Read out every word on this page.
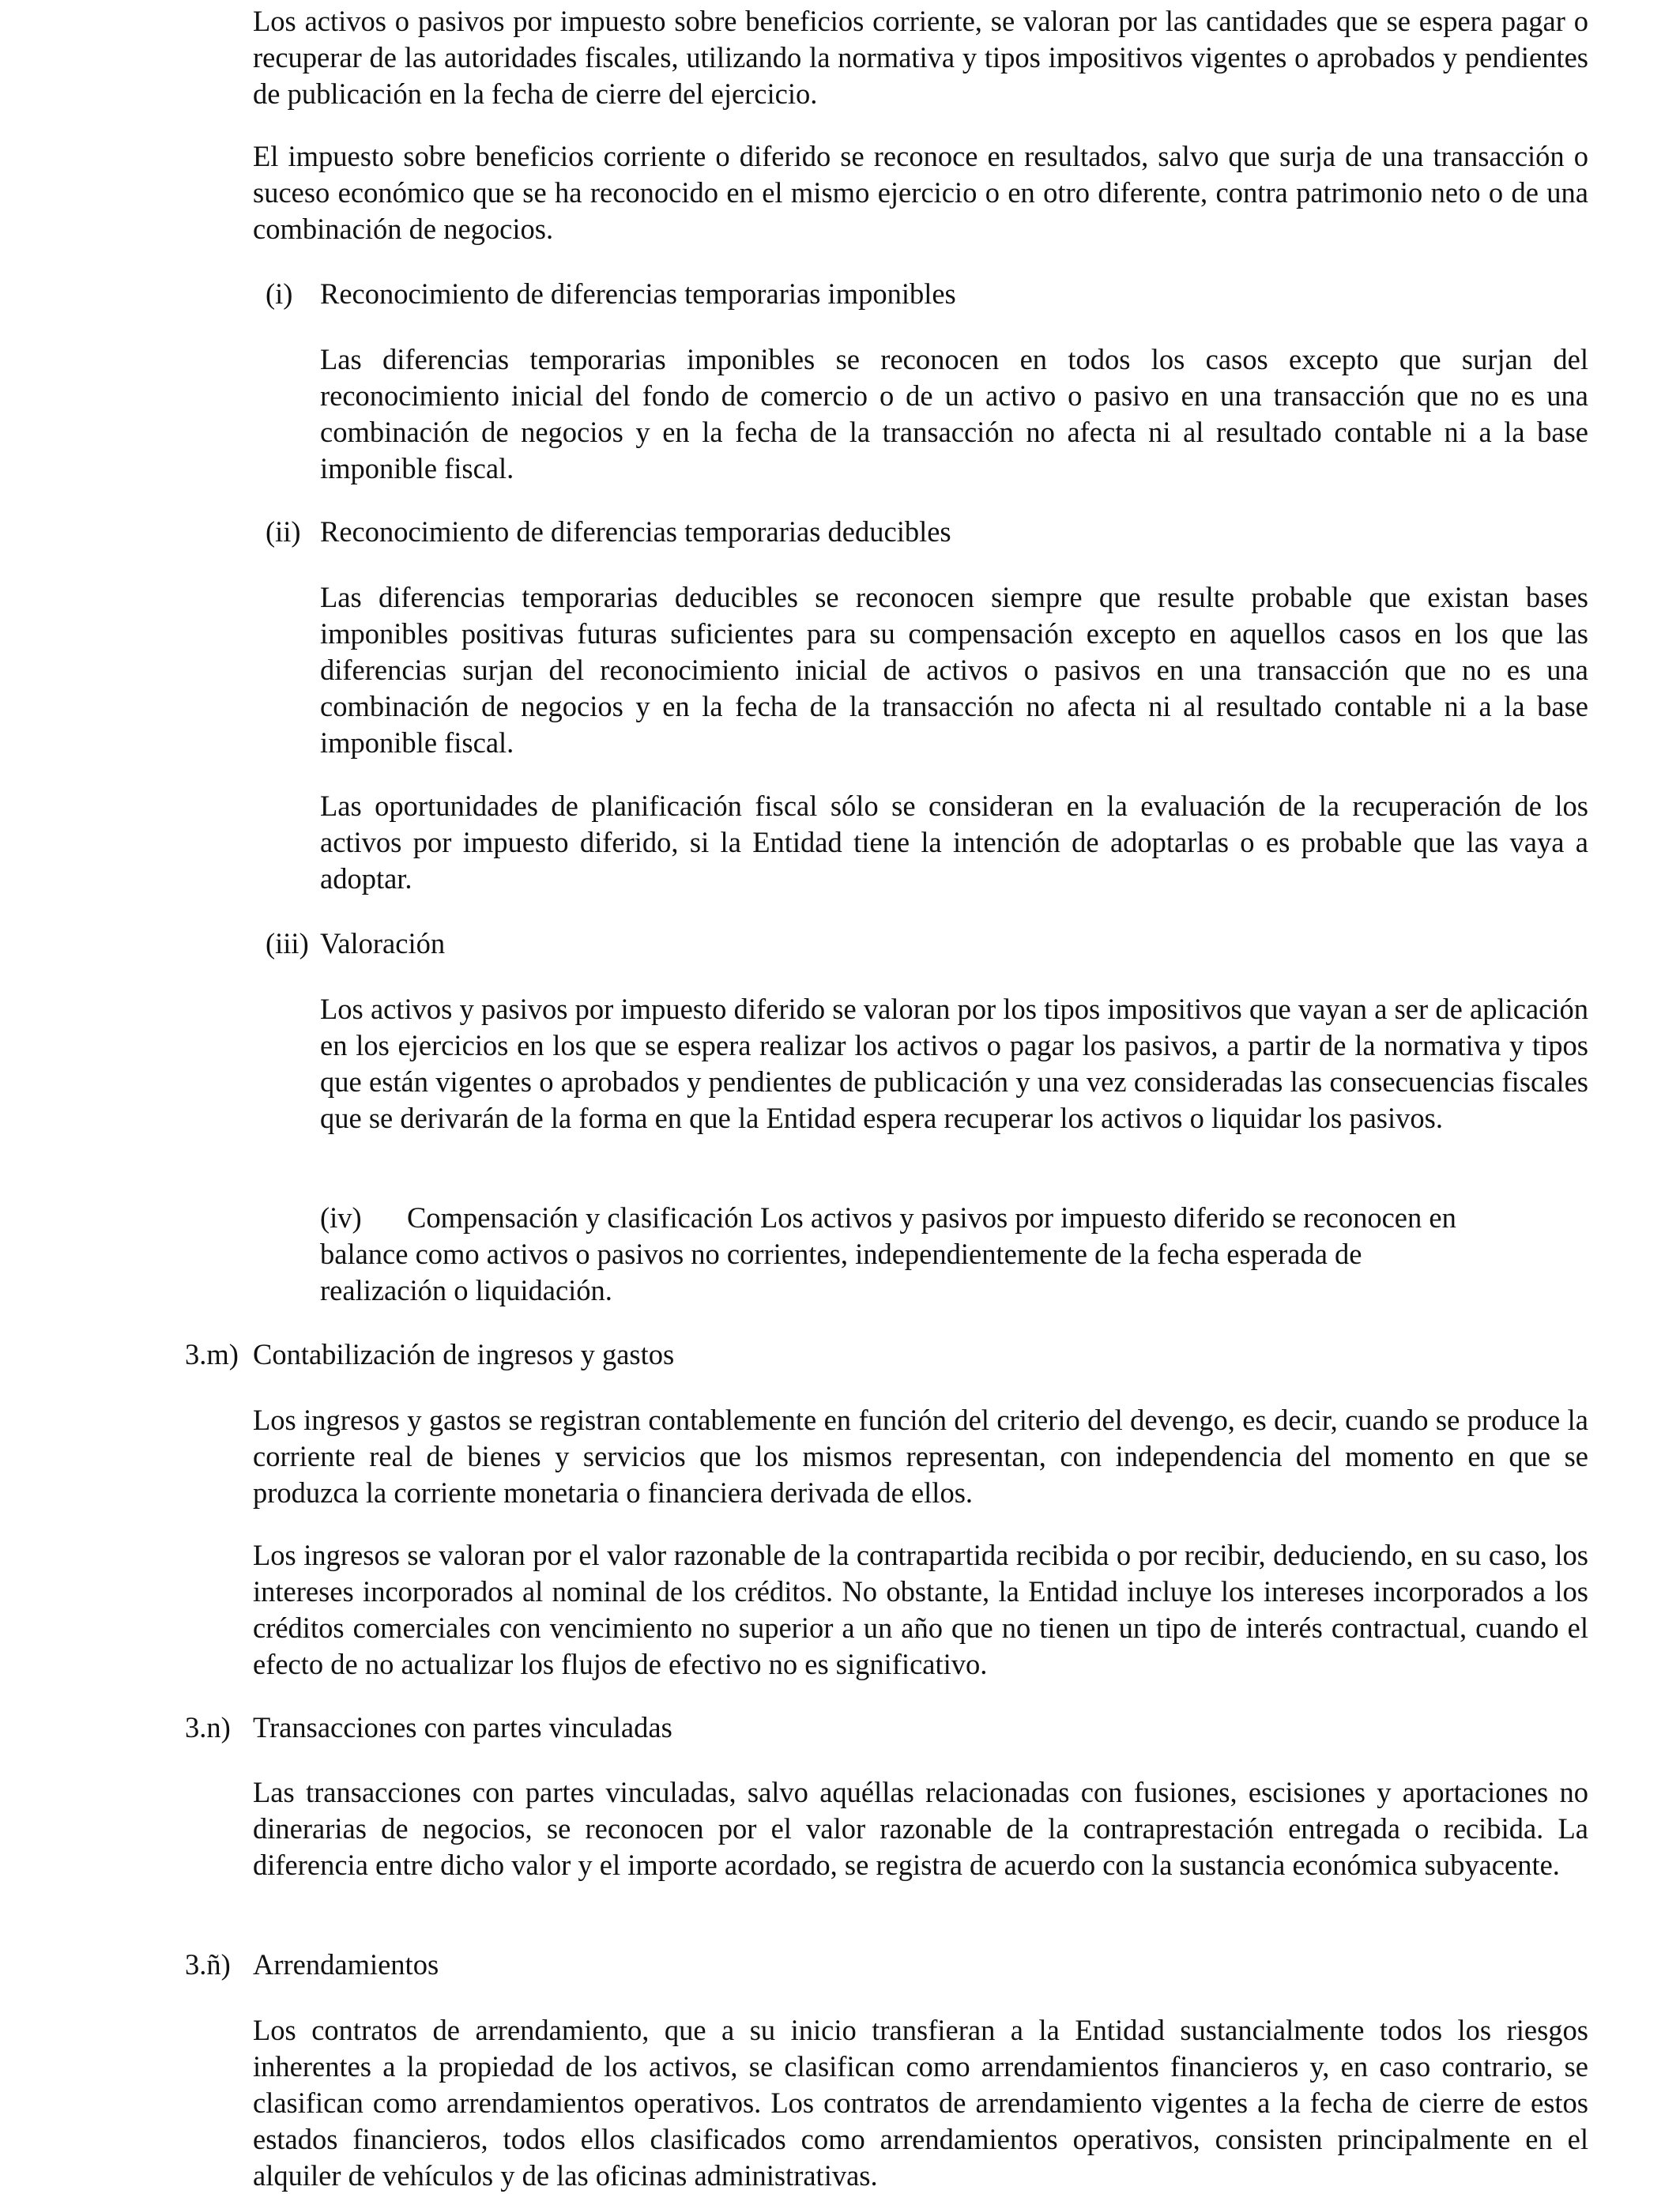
Los activos o pasivos por impuesto sobre beneficios corriente, se valoran por las cantidades que se espera pagar o recuperar de las autoridades fiscales, utilizando la normativa y tipos impositivos vigentes o aprobados y pendientes de publicación en la fecha de cierre del ejercicio.

El impuesto sobre beneficios corriente o diferido se reconoce en resultados, salvo que surja de una transacción o suceso económico que se ha reconocido en el mismo ejercicio o en otro diferente, contra patrimonio neto o de una combinación de negocios.

(i) Reconocimiento de diferencias temporarias imponibles

Las diferencias temporarias imponibles se reconocen en todos los casos excepto que surjan del reconocimiento inicial del fondo de comercio o de un activo o pasivo en una transacción que no es una combinación de negocios y en la fecha de la transacción no afecta ni al resultado contable ni a la base imponible fiscal.

(ii) Reconocimiento de diferencias temporarias deducibles

Las diferencias temporarias deducibles se reconocen siempre que resulte probable que existan bases imponibles positivas futuras suficientes para su compensación excepto en aquellos casos en los que las diferencias surjan del reconocimiento inicial de activos o pasivos en una transacción que no es una combinación de negocios y en la fecha de la transacción no afecta ni al resultado contable ni a la base imponible fiscal.

Las oportunidades de planificación fiscal sólo se consideran en la evaluación de la recuperación de los activos por impuesto diferido, si la Entidad tiene la intención de adoptarlas o es probable que las vaya a adoptar.

(iii) Valoración

Los activos y pasivos por impuesto diferido se valoran por los tipos impositivos que vayan a ser de aplicación en los ejercicios en los que se espera realizar los activos o pagar los pasivos, a partir de la normativa y tipos que están vigentes o aprobados y pendientes de publicación y una vez consideradas las consecuencias fiscales que se derivarán de la forma en que la Entidad espera recuperar los activos o liquidar los pasivos.

(iv) Compensación y clasificación Los activos y pasivos por impuesto diferido se reconocen en
balance como activos o pasivos no corrientes, independientemente de la fecha esperada de
realización o liquidación.
3.m) Contabilización de ingresos y gastos

Los ingresos y gastos se registran contablemente en función del criterio del devengo, es decir, cuando se produce la corriente real de bienes y servicios que los mismos representan, con independencia del momento en que se produzca la corriente monetaria o financiera derivada de ellos.

Los ingresos se valoran por el valor razonable de la contrapartida recibida o por recibir, deduciendo, en su caso, los intereses incorporados al nominal de los créditos. No obstante, la Entidad incluye los intereses incorporados a los créditos comerciales con vencimiento no superior a un año que no tienen un tipo de interés contractual, cuando el efecto de no actualizar los flujos de efectivo no es significativo.

3.n) Transacciones con partes vinculadas

Las transacciones con partes vinculadas, salvo aquéllas relacionadas con fusiones, escisiones y aportaciones no dinerarias de negocios, se reconocen por el valor razonable de la contraprestación entregada o recibida. La diferencia entre dicho valor y el importe acordado, se registra de acuerdo con la sustancia económica subyacente.

3.ñ) Arrendamientos

Los contratos de arrendamiento, que a su inicio transfieran a la Entidad sustancialmente todos los riesgos inherentes a la propiedad de los activos, se clasifican como arrendamientos financieros y, en caso contrario, se clasifican como arrendamientos operativos. Los contratos de arrendamiento vigentes a la fecha de cierre de estos estados financieros, todos ellos clasificados como arrendamientos operativos, consisten principalmente en el alquiler de vehículos y de las oficinas administrativas.
